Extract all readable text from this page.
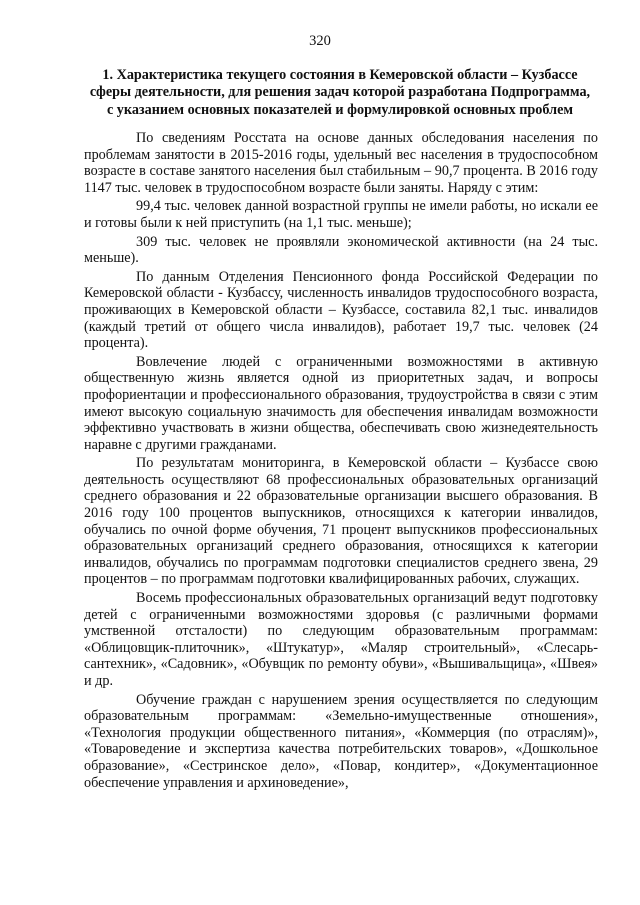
320
1. Характеристика текущего состояния в Кемеровской области – Кузбассе
сферы деятельности, для решения задач которой разработана Подпрограмма,
с указанием основных показателей и формулировкой основных проблем

По сведениям Росстата на основе данных обследования населения по проблемам занятости в 2015-2016 годы, удельный вес населения в трудоспособном возрасте в составе занятого населения был стабильным – 90,7 процента. В 2016 году 1147 тыс. человек в трудоспособном возрасте были заняты. Наряду с этим:

99,4 тыс. человек данной возрастной группы не имели работы, но искали ее и готовы были к ней приступить (на 1,1 тыс. меньше);

309 тыс. человек не проявляли экономической активности (на 24 тыс. меньше).

По данным Отделения Пенсионного фонда Российской Федерации по Кемеровской области - Кузбассу, численность инвалидов трудоспособного возраста, проживающих в Кемеровской области – Кузбассе, составила 82,1 тыс. инвалидов (каждый третий от общего числа инвалидов), работает 19,7 тыс. человек (24 процента).

Вовлечение людей с ограниченными возможностями в активную общественную жизнь является одной из приоритетных задач, и вопросы профориентации и профессионального образования, трудоустройства в связи с этим имеют высокую социальную значимость для обеспечения инвалидам возможности эффективно участвовать в жизни общества, обеспечивать свою жизнедеятельность наравне с другими гражданами.

По результатам мониторинга, в Кемеровской области – Кузбассе свою деятельность осуществляют 68 профессиональных образовательных организаций среднего образования и 22 образовательные организации высшего образования. В 2016 году 100 процентов выпускников, относящихся к категории инвалидов, обучались по очной форме обучения, 71 процент выпускников профессиональных образовательных организаций среднего образования, относящихся к категории инвалидов, обучались по программам подготовки специалистов среднего звена, 29 процентов – по программам подготовки квалифицированных рабочих, служащих.

Восемь профессиональных образовательных организаций ведут подготовку детей с ограниченными возможностями здоровья (с различными формами умственной отсталости) по следующим образовательным программам: «Облицовщик-плиточник», «Штукатур», «Маляр строительный», «Слесарь-сантехник», «Садовник», «Обувщик по ремонту обуви», «Вышивальщица», «Швея» и др.

Обучение граждан с нарушением зрения осуществляется по следующим образовательным программам: «Земельно-имущественные отношения», «Технология продукции общественного питания», «Коммерция (по отраслям)», «Товароведение и экспертиза качества потребительских товаров», «Дошкольное образование», «Сестринское дело», «Повар, кондитер», «Документационное обеспечение управления и архиноведение»,
